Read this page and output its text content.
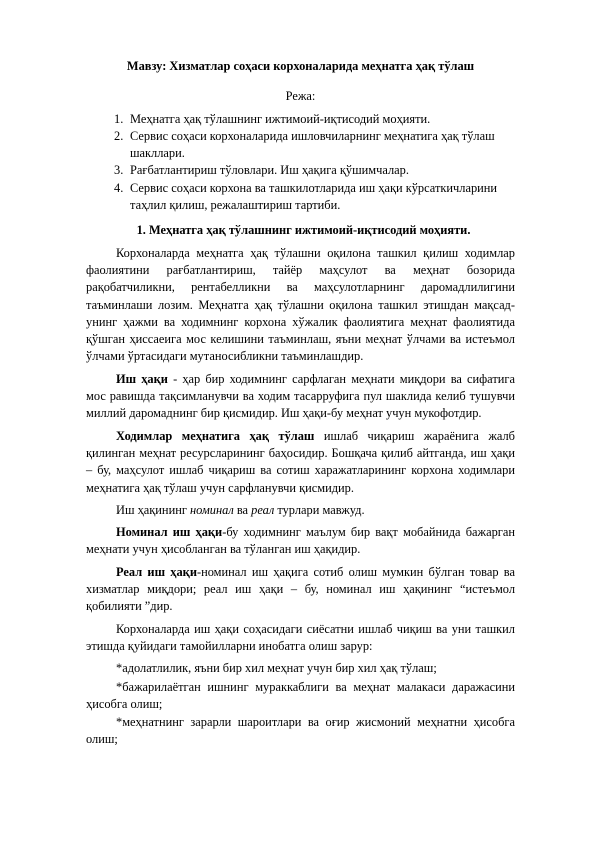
Мавзу: Хизматлар соҳаси корхоналарида меҳнатга ҳақ тўлаш
Режа:
1. Меҳнатга ҳақ тўлашнинг ижтимоий-иқтисодий моҳияти.
2. Сервис соҳаси корхоналарида ишловчиларнинг меҳнатига ҳақ тўлаш шакллари.
3. Рағбатлантириш тўловлари. Иш ҳақига қўшимчалар.
4. Сервис соҳаси корхона ва ташкилотларида иш ҳақи кўрсаткичларини таҳлил қилиш, режалаштириш тартиби.
1. Меҳнатга ҳақ тўлашнинг ижтимоий-иқтисодий моҳияти.

Корхоналарда меҳнатга ҳақ тўлашни оқилона ташкил қилиш ходимлар фаолиятини рағбатлантириш, тайёр маҳсулот ва меҳнат бозорида рақобатчиликни, рентабелликни ва маҳсулотларнинг даромадлилигини таъминлаши лозим. Меҳнатга ҳақ тўлашни оқилона ташкил этишдан мақсад-унинг ҳажми ва ходимнинг корхона хўжалик фаолиятига меҳнат фаолиятида қўшган ҳиссаеига мос келишини таъминлаш, яъни меҳнат ўлчами ва истеъмол ўлчами ўртасидаги мутаносибликни таъминлашдир.

Иш ҳақи - ҳар бир ходимнинг сарфлаган меҳнати миқдори ва сифатига мос равишда тақсимланувчи ва ходим тасарруфига пул шаклида келиб тушувчи миллий даромаднинг бир қисмидир. Иш ҳақи-бу меҳнат учун мукофотдир.

Ходимлар меҳнатига ҳақ тўлаш ишлаб чиқариш жараёнига жалб қилинган меҳнат ресурсларининг баҳосидир. Бошқача қилиб айтганда, иш ҳақи – бу, маҳсулот ишлаб чиқариш ва сотиш харажатларининг корхона ходимлари меҳнатига ҳақ тўлаш учун сарфланувчи қисмидир.

Иш ҳақининг номинал ва реал турлари мавжуд.

Номинал иш ҳақи-бу ходимнинг маълум бир вақт мобайнида бажарган меҳнати учун ҳисобланган ва тўланган иш ҳақидир.

Реал иш ҳақи-номинал иш ҳақига сотиб олиш мумкин бўлган товар ва хизматлар миқдори; реал иш ҳақи – бу, номинал иш ҳақининг “истеъмол қобилияти ”дир.

Корхоналарда иш ҳақи соҳасидаги сиёсатни ишлаб чиқиш ва уни ташкил этишда қуйидаги тамойилларни инобатга олиш зарур:

*адолатлилик, яъни бир хил меҳнат учун бир хил ҳақ тўлаш;

*бажарилаётган ишнинг мураккаблиги ва меҳнат малакаси даражасини ҳисобга олиш;

*меҳнатнинг зарарли шароитлари ва оғир жисмоний меҳнатни ҳисобга олиш;
